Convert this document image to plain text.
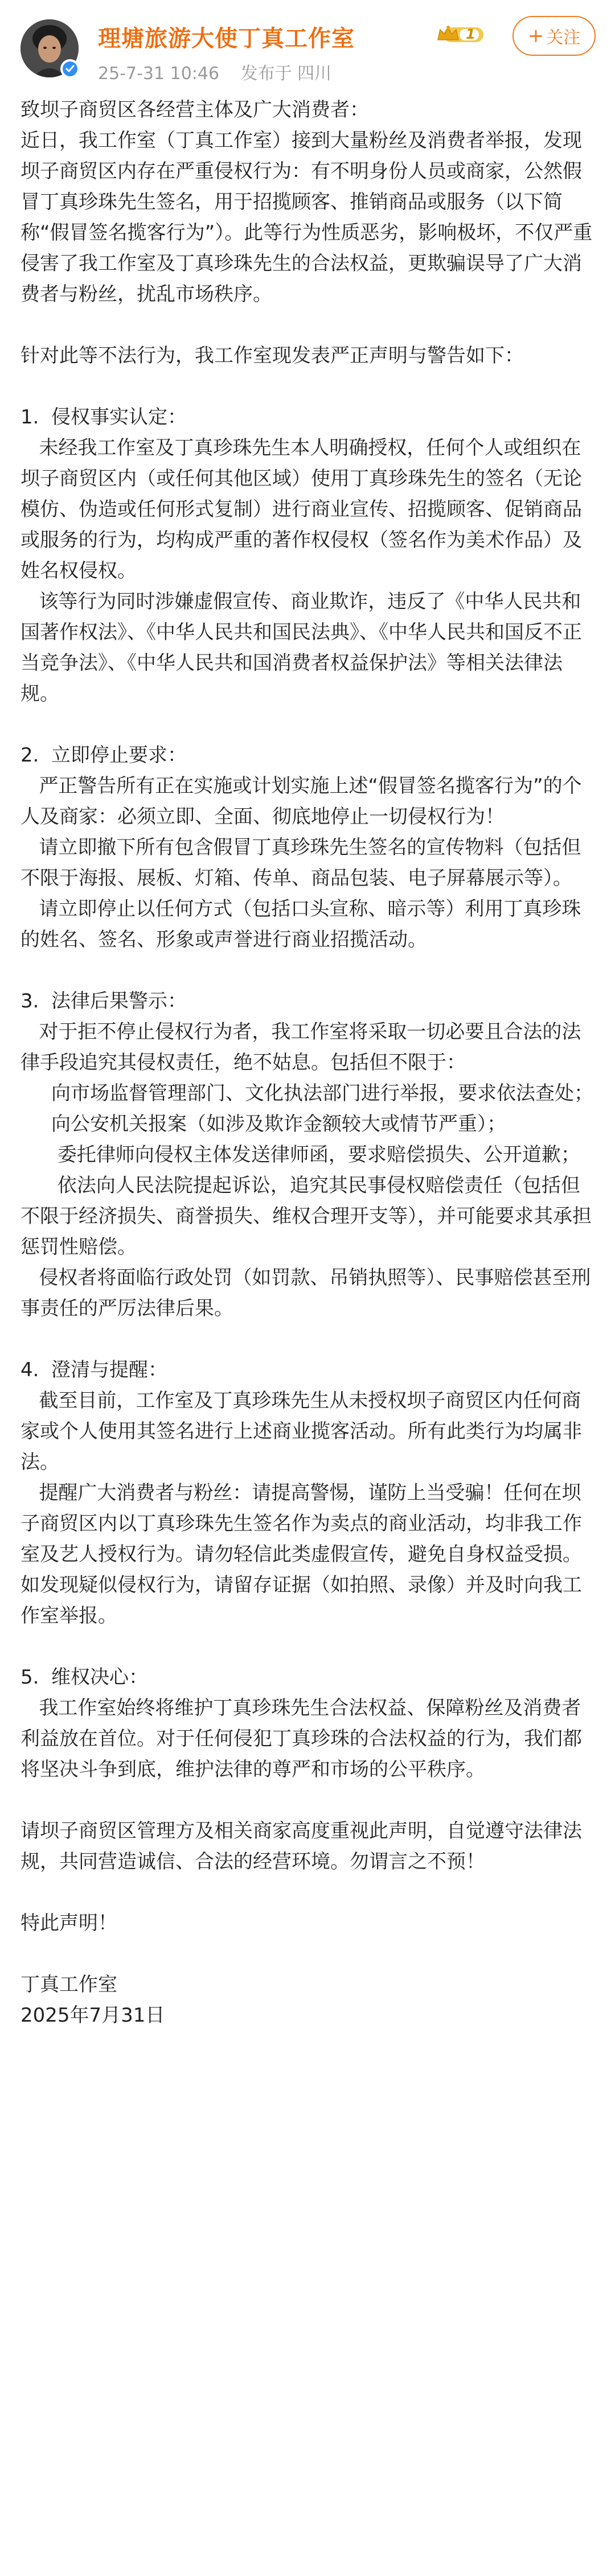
理塘旅游大使丁真工作室	1
25-7-31 10:46 发布于 四川
+ 关注

致坝子商贸区各经营主体及广大消费者：

近日，我工作室（丁真工作室）接到大量粉丝及消费者举报，发现坝子商贸区内存在严重侵权行为：有不明身份人员或商家，公然假冒丁真珍珠先生签名，用于招揽顾客、推销商品或服务（以下简称“假冒签名揽客行为”）。此等行为性质恶劣，影响极坏，不仅严重侵害了我工作室及丁真珍珠先生的合法权益，更欺骗误导了广大消费者与粉丝，扰乱市场秩序。

针对此等不法行为，我工作室现发表严正声明与警告如下：

1.  侵权事实认定：

未经我工作室及丁真珍珠先生本人明确授权，任何个人或组织在坝子商贸区内（或任何其他区域）使用丁真珍珠先生的签名（无论模仿、伪造或任何形式复制）进行商业宣传、招揽顾客、促销商品或服务的行为，均构成严重的著作权侵权（签名作为美术作品）及姓名权侵权。

该等行为同时涉嫌虚假宣传、商业欺诈，违反了《中华人民共和国著作权法》、《中华人民共和国民法典》、《中华人民共和国反不正当竞争法》、《中华人民共和国消费者权益保护法》等相关法律法规。

2.  立即停止要求：

严正警告所有正在实施或计划实施上述“假冒签名揽客行为”的个人及商家：必须立即、全面、彻底地停止一切侵权行为！

请立即撤下所有包含假冒丁真珍珠先生签名的宣传物料（包括但不限于海报、展板、灯箱、传单、商品包装、电子屏幕展示等）。

请立即停止以任何方式（包括口头宣称、暗示等）利用丁真珍珠的姓名、签名、形象或声誉进行商业招揽活动。

3.  法律后果警示：

对于拒不停止侵权行为者，我工作室将采取一切必要且合法的法律手段追究其侵权责任，绝不姑息。包括但不限于：

向市场监督管理部门、文化执法部门进行举报，要求依法查处；

向公安机关报案（如涉及欺诈金额较大或情节严重）；

委托律师向侵权主体发送律师函，要求赔偿损失、公开道歉；

依法向人民法院提起诉讼，追究其民事侵权赔偿责任（包括但不限于经济损失、商誉损失、维权合理开支等），并可能要求其承担惩罚性赔偿。

侵权者将面临行政处罚（如罚款、吊销执照等）、民事赔偿甚至刑事责任的严厉法律后果。

4.  澄清与提醒：

截至目前，工作室及丁真珍珠先生从未授权坝子商贸区内任何商家或个人使用其签名进行上述商业揽客活动。所有此类行为均属非法。

提醒广大消费者与粉丝：请提高警惕，谨防上当受骗！任何在坝子商贸区内以丁真珍珠先生签名作为卖点的商业活动，均非我工作室及艺人授权行为。请勿轻信此类虚假宣传，避免自身权益受损。如发现疑似侵权行为，请留存证据（如拍照、录像）并及时向我工作室举报。

5.  维权决心：

我工作室始终将维护丁真珍珠先生合法权益、保障粉丝及消费者利益放在首位。对于任何侵犯丁真珍珠的合法权益的行为，我们都将坚决斗争到底，维护法律的尊严和市场的公平秩序。

请坝子商贸区管理方及相关商家高度重视此声明，自觉遵守法律法规，共同营造诚信、合法的经营环境。勿谓言之不预！

特此声明！

丁真工作室

2025年7月31日
